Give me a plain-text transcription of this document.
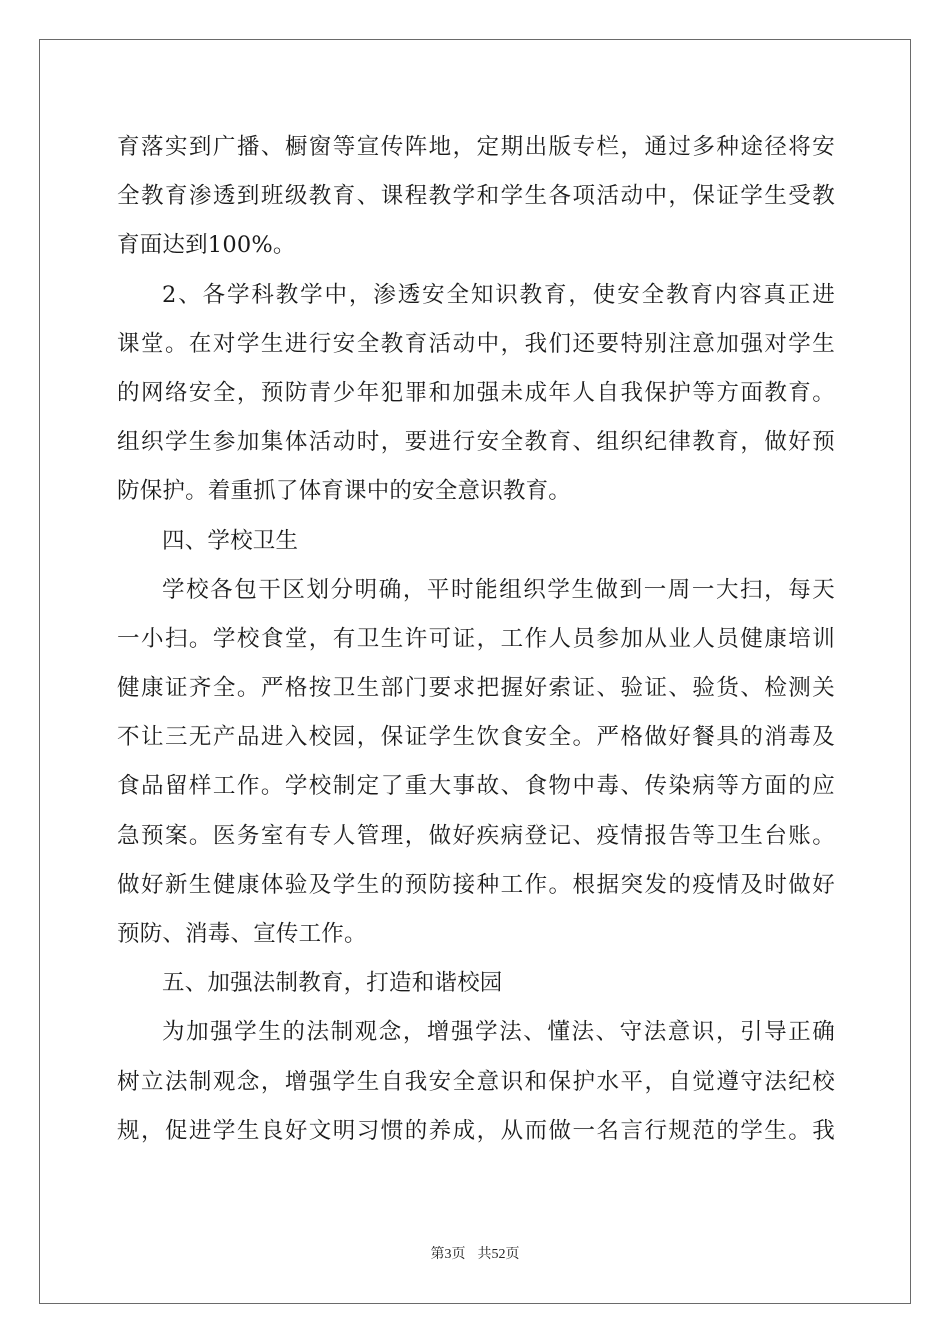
育落实到广播、橱窗等宣传阵地，定期出版专栏，通过多种途径将安
全教育渗透到班级教育、课程教学和学生各项活动中，保证学生受教
育面达到100%。
2、各学科教学中，渗透安全知识教育，使安全教育内容真正进
课堂。在对学生进行安全教育活动中，我们还要特别注意加强对学生
的网络安全，预防青少年犯罪和加强未成年人自我保护等方面教育。
组织学生参加集体活动时，要进行安全教育、组织纪律教育，做好预
防保护。着重抓了体育课中的安全意识教育。
四、学校卫生
学校各包干区划分明确，平时能组织学生做到一周一大扫，每天
一小扫。学校食堂，有卫生许可证，工作人员参加从业人员健康培训
健康证齐全。严格按卫生部门要求把握好索证、验证、验货、检测关
不让三无产品进入校园，保证学生饮食安全。严格做好餐具的消毒及
食品留样工作。学校制定了重大事故、食物中毒、传染病等方面的应
急预案。医务室有专人管理，做好疾病登记、疫情报告等卫生台账。
做好新生健康体验及学生的预防接种工作。根据突发的疫情及时做好
预防、消毒、宣传工作。
五、加强法制教育，打造和谐校园
为加强学生的法制观念，增强学法、懂法、守法意识，引导正确
树立法制观念，增强学生自我安全意识和保护水平，自觉遵守法纪校
规，促进学生良好文明习惯的养成，从而做一名言行规范的学生。我
第3页 共52页
